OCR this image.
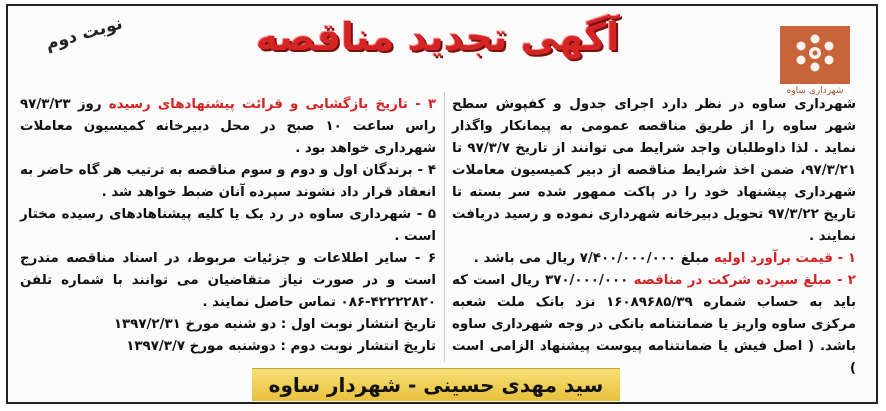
نوبت دوم	آگهی تجدید مناقصه
شهرداری ساوه

شهرداری ساوه در نظر دارد اجرای جدول و کفپوش سطح شهر ساوه را از طریق مناقصه عمومی به پیمانکار واگذار نماید . لذا داوطلبان واجد شرایط می توانند از تاریخ ۹۷/۳/۷ تا ۹۷/۳/۲۱، ضمن اخذ شرایط مناقصه از دبیر کمیسیون معاملات شهرداری پیشنهاد خود را در پاکت ممهور شده سر بسته تا تاریخ ۹۷/۳/۲۲ تحویل دبیرخانه شهرداری نموده و رسید دریافت نمایند .

۱ - قیمت برآورد اولیه مبلغ ۷/۴۰۰/۰۰۰/۰۰۰ ریال می باشد .

۲ - مبلغ سپرده شرکت در مناقصه ۳۷۰/۰۰۰/۰۰۰ ریال است که باید به حساب شماره ۱۶۰۸۹۶۸۵/۳۹ نزد بانک ملت شعبه مرکزی ساوه واریز یا ضمانتنامه بانکی در وجه شهرداری ساوه باشد. ( اصل فیش یا ضمانتنامه پیوست پیشنهاد الزامی است )

۳ - تاریخ بازگشایی و قرائت پیشنهادهای رسیده روز ۹۷/۳/۲۳ راس ساعت ۱۰ صبح در محل دبیرخانه کمیسیون معاملات شهرداری خواهد بود .

۴ - برندگان اول و دوم و سوم مناقصه به ترتیب هر گاه حاضر به انعقاد قرار داد نشوند سپرده آنان ضبط خواهد شد .

۵ - شهرداری ساوه در رد یک یا کلیه پیشناهادهای رسیده مختار است .

۶ - سایر اطلاعات و جزئیات مربوط، در اسناد مناقصه مندرج است و در صورت نیاز متقاضیان می توانند با شماره تلفن ۴۲۲۲۲۸۲۰-۰۸۶ تماس حاصل نمایند .

تاریخ انتشار نوبت اول : دو شنبه مورخ ۱۳۹۷/۲/۳۱

تاریخ انتشار نوبت دوم : دوشنبه مورخ ۱۳۹۷/۳/۷

سید مهدی حسینی - شهردار ساوه
